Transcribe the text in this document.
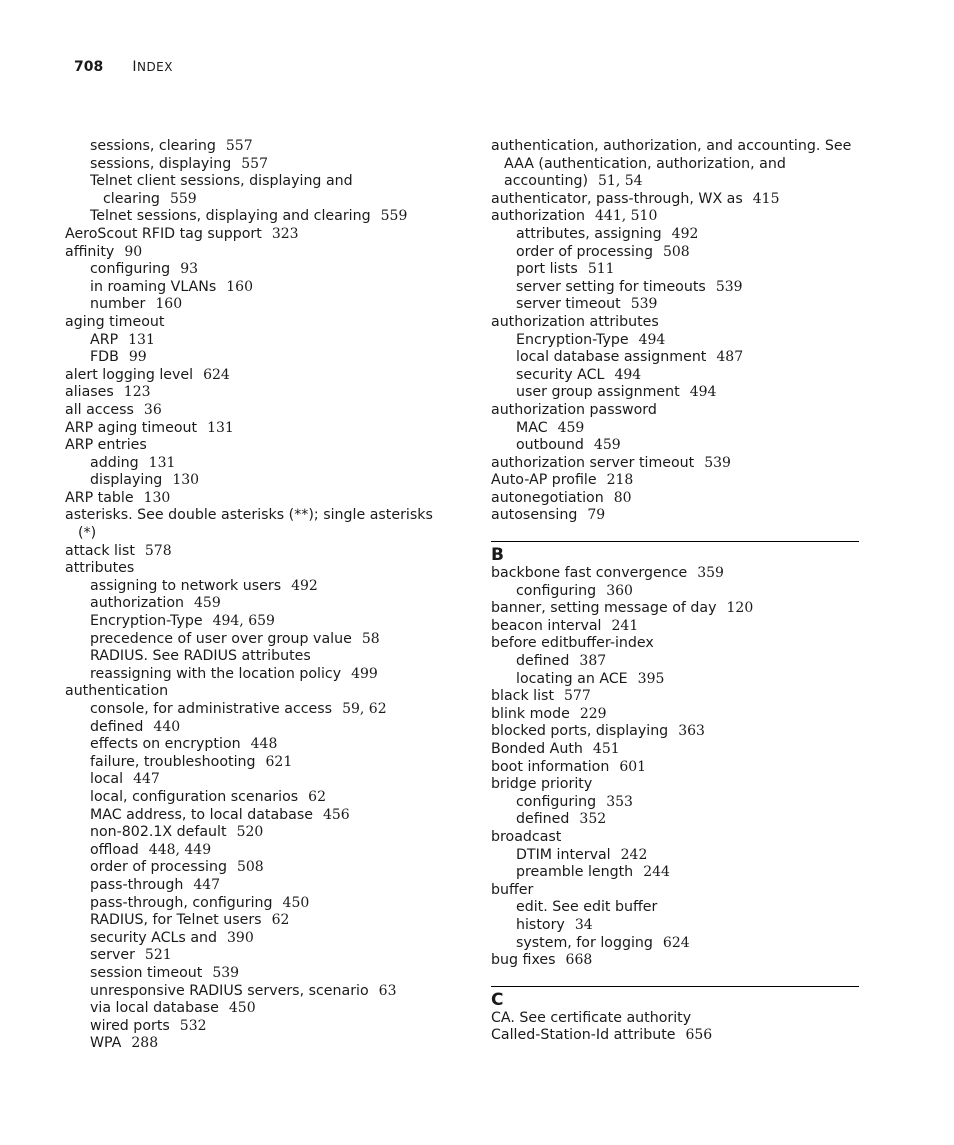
708 INDEX
sessions, clearing 557
sessions, displaying 557
Telnet client sessions, displaying and
clearing 559
Telnet sessions, displaying and clearing 559
AeroScout RFID tag support 323
affinity 90
configuring 93
in roaming VLANs 160
number 160
aging timeout
ARP 131
FDB 99
alert logging level 624
aliases 123
all access 36
ARP aging timeout 131
ARP entries
adding 131
displaying 130
ARP table 130
asterisks. See double asterisks (**); single asterisks
(*)
attack list 578
attributes
assigning to network users 492
authorization 459
Encryption-Type 494, 659
precedence of user over group value 58
RADIUS. See RADIUS attributes
reassigning with the location policy 499
authentication
console, for administrative access 59, 62
defined 440
effects on encryption 448
failure, troubleshooting 621
local 447
local, configuration scenarios 62
MAC address, to local database 456
non-802.1X default 520
offload 448, 449
order of processing 508
pass-through 447
pass-through, configuring 450
RADIUS, for Telnet users 62
security ACLs and 390
server 521
session timeout 539
unresponsive RADIUS servers, scenario 63
via local database 450
wired ports 532
WPA 288
authentication, authorization, and accounting. See
AAA (authentication, authorization, and
accounting) 51, 54
authenticator, pass-through, WX as 415
authorization 441, 510
attributes, assigning 492
order of processing 508
port lists 511
server setting for timeouts 539
server timeout 539
authorization attributes
Encryption-Type 494
local database assignment 487
security ACL 494
user group assignment 494
authorization password
MAC 459
outbound 459
authorization server timeout 539
Auto-AP profile 218
autonegotiation 80
autosensing 79
B
backbone fast convergence 359
configuring 360
banner, setting message of day 120
beacon interval 241
before editbuffer-index
defined 387
locating an ACE 395
black list 577
blink mode 229
blocked ports, displaying 363
Bonded Auth 451
boot information 601
bridge priority
configuring 353
defined 352
broadcast
DTIM interval 242
preamble length 244
buffer
edit. See edit buffer
history 34
system, for logging 624
bug fixes 668
C
CA. See certificate authority
Called-Station-Id attribute 656
